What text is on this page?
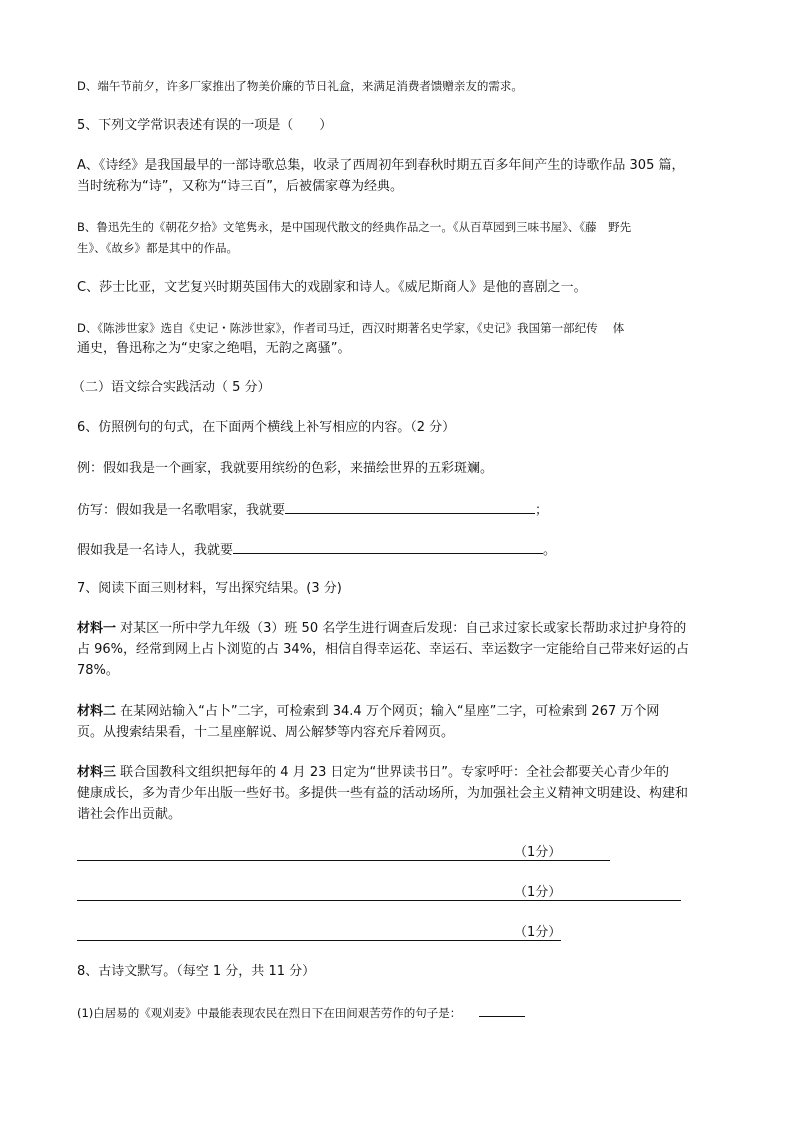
D、端午节前夕，许多厂家推出了物美价廉的节日礼盒，来满足消费者馈赠亲友的需求。
5、下列文学常识表述有误的一项是（　　）
A、《诗经》是我国最早的一部诗歌总集，收录了西周初年到春秋时期五百多年间产生的诗歌作品 305 篇，
当时统称为“诗”，又称为“诗三百”，后被儒家尊为经典。
B、鲁迅先生的《朝花夕拾》文笔隽永，是中国现代散文的经典作品之一。《从百草园到三味书屋》、《藤　野先
生》、《故乡》都是其中的作品。
C、莎士比亚，文艺复兴时期英国伟大的戏剧家和诗人。《威尼斯商人》是他的喜剧之一。
D、《陈涉世家》选自《史记・陈涉世家》，作者司马迁，西汉时期著名史学家，《史记》我国第一部纪传　 体
通史，鲁迅称之为“史家之绝唱，无韵之离骚”。
（二）语文综合实践活动（ 5 分）
6、仿照例句的句式，在下面两个横线上补写相应的内容。（2 分）
例：假如我是一个画家，我就要用缤纷的色彩，来描绘世界的五彩斑斓。
仿写：假如我是一名歌唱家，我就要	；
假如我是一名诗人，我就要	。
7、阅读下面三则材料，写出探究结果。(3 分)
材料一 对某区一所中学九年级（3）班 50 名学生进行调查后发现：自己求过家长或家长帮助求过护身符的
占 96%，经常到网上占卜浏览的占 34%，相信自得幸运花、幸运石、幸运数字一定能给自己带来好运的占
78%。
材料二 在某网站输入“占卜”二字，可检索到 34.4 万个网页；输入“星座”二字，可检索到 267 万个网
页。从搜索结果看，十二星座解说、周公解梦等内容充斥着网页。
材料三 联合国教科文组织把每年的 4 月 23 日定为“世界读书日”。专家呼吁：全社会都要关心青少年的
健康成长，多为青少年出版一些好书。多提供一些有益的活动场所，为加强社会主义精神文明建设、构建和
谐社会作出贡献。
（1分）
（1分）
（1分）
8、古诗文默写。（每空 1 分，共 11 分）
(1)白居易的《观刈麦》中最能表现农民在烈日下在田间艰苦劳作的句子是：
